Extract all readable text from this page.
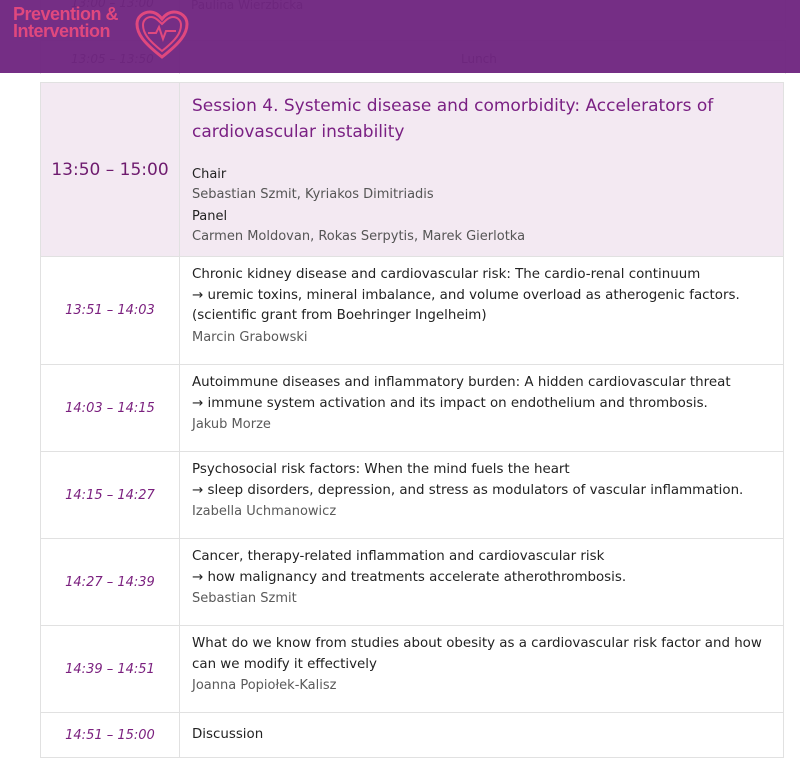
Prevention &
Intervention
13:50 – 15:00
Session 4. Systemic disease and comorbidity: Accelerators of cardiovascular instability
Chair
Sebastian Szmit, Kyriakos Dimitriadis
Panel
Carmen Moldovan, Rokas Serpytis, Marek Gierlotka
13:51 – 14:03
Chronic kidney disease and cardiovascular risk: The cardio-renal continuum
→ uremic toxins, mineral imbalance, and volume overload as atherogenic factors.
(scientific grant from Boehringer Ingelheim)
Marcin Grabowski
14:03 – 14:15
Autoimmune diseases and inflammatory burden: A hidden cardiovascular threat
→ immune system activation and its impact on endothelium and thrombosis.
Jakub Morze
14:15 – 14:27
Psychosocial risk factors: When the mind fuels the heart
→ sleep disorders, depression, and stress as modulators of vascular inflammation.
Izabella Uchmanowicz
14:27 – 14:39
Cancer, therapy-related inflammation and cardiovascular risk
→ how malignancy and treatments accelerate atherothrombosis.
Sebastian Szmit
14:39 – 14:51
What do we know from studies about obesity as a cardiovascular risk factor and how can we modify it effectively
Joanna Popiołek-Kalisz
14:51 – 15:00	Discussion
